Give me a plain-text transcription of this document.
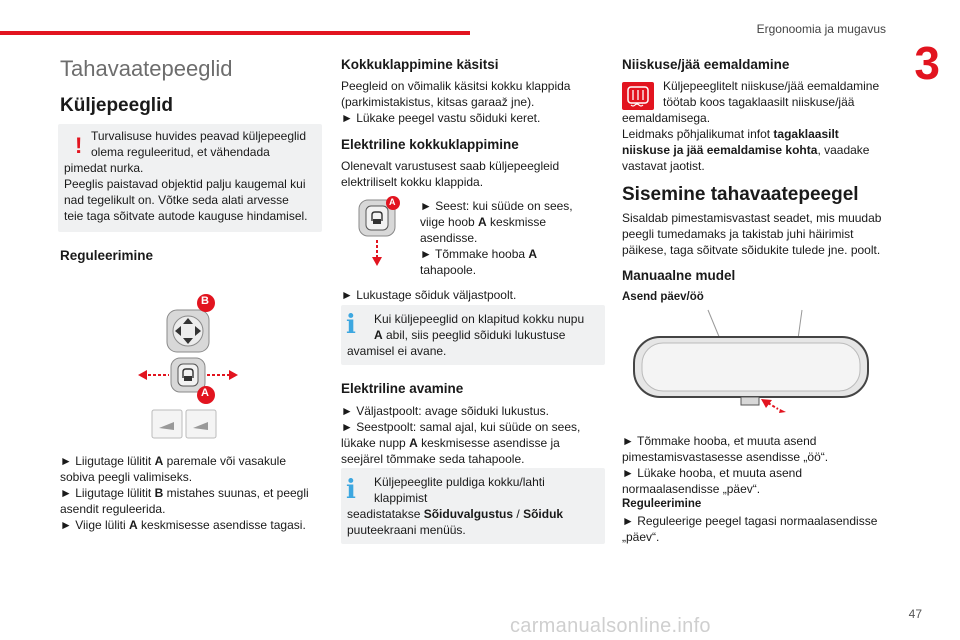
Ergonoomia ja mugavus
3
47
carmanualsonline.info
Tahavaatepeeglid
Küljepeeglid
! Turvalisuse huvides peavad küljepeeglid
olema reguleeritud, et vähendada
pimedat nurka.
Peeglis paistavad objektid palju kaugemal kui
nad tegelikult on. Võtke seda alati arvesse
teie taga sõitvate autode kauguse hindamisel.
Reguleerimine
B
A
► Liigutage lülitit A paremale või vasakule
sobiva peegli valimiseks.
► Liigutage lülitit B mistahes suunas, et peegli
asendit reguleerida.
► Viige lüliti A keskmisesse asendisse tagasi.
Kokkuklappimine käsitsi
Peegleid on võimalik käsitsi kokku klappida
(parkimistakistus, kitsas garaaž jne).
► Lükake peegel vastu sõiduki keret.
Elektriline kokkuklappimine
Olenevalt varustusest saab küljepeegleid
elektriliselt kokku klappida.
A ► Seest: kui süüde on sees,
viige hoob A keskmisse
asendisse.
► Tõmmake hooba A
tahapoole.
► Lukustage sõiduk väljastpoolt.
i Kui küljepeeglid on klapitud kokku nupu
A abil, siis peeglid sõiduki lukustuse
avamisel ei avane.
Elektriline avamine
► Väljastpoolt: avage sõiduki lukustus.
► Seestpoolt: samal ajal, kui süüde on sees,
lükake nupp A keskmisesse asendisse ja
seejärel tõmmake seda tahapoole.
i Küljepeeglite puldiga kokku/lahti
klappimist
seadistatakse Sõiduvalgustus / Sõiduk
puuteekraani menüüs.
Niiskuse/jää eemaldamine
Küljepeeglitelt niiskuse/jää eemaldamine
töötab koos tagaklaasilt niiskuse/jää
eemaldamisega.
Leidmaks põhjalikumat infot tagaklaasilt
niiskuse ja jää eemaldamise kohta, vaadake
vastavat jaotist.
Sisemine tahavaatepeegel
Sisaldab pimestamisvastast seadet, mis muudab
peegli tumedamaks ja takistab juhi häirimist
päikese, taga sõitvate sõidukite tulede jne. poolt.
Manuaalne mudel
Asend päev/öö
► Tõmmake hooba, et muuta asend
pimestamisvastasesse asendisse „öö“.
► Lükake hooba, et muuta asend
normaalasendisse „päev“.
Reguleerimine
► Reguleerige peegel tagasi normaalasendisse
„päev“.
